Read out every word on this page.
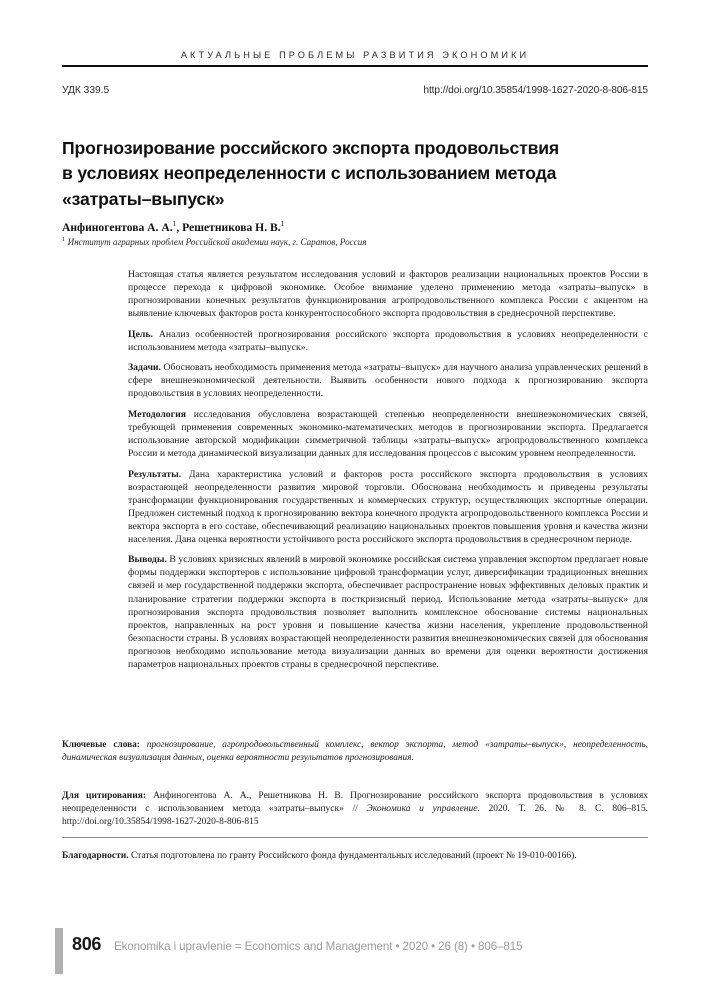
АКТУАЛЬНЫЕ ПРОБЛЕМЫ РАЗВИТИЯ ЭКОНОМИКИ
УДК 339.5	http://doi.org/10.35854/1998-1627-2020-8-806-815
Прогнозирование российского экспорта продовольствия
в условиях неопределенности с использованием метода
«затраты–выпуск»
Анфиногентова А. А.$^1$, Решетникова Н. В.$^1$
$^1$ Институт аграрных проблем Российской академии наук, г. Саратов, Россия

Настоящая статья является результатом исследования условий и факторов реализации национальных проектов России в процессе перехода к цифровой экономике. Особое внимание уделено применению метода «затраты–выпуск» в прогнозировании конечных результатов функционирования агропродовольственного комплекса России с акцентом на выявление ключевых факторов роста конкурентоспособного экспорта продовольствия в среднесрочной перспективе.

Цель. Анализ особенностей прогнозирования российского экспорта продовольствия в условиях неопределенности с использованием метода «затраты–выпуск».

Задачи. Обосновать необходимость применения метода «затраты–выпуск» для научного анализа управленческих решений в сфере внешнеэкономической деятельности. Выявить особенности нового подхода к прогнозированию экспорта продовольствия в условиях неопределенности.

Методология исследования обусловлена возрастающей степенью неопределенности внешнеэкономических связей, требующей применения современных экономико-математических методов в прогнозировании экспорта. Предлагается использование авторской модификации симметричной таблицы «затраты–выпуск» агропродовольственного комплекса России и метода динамической визуализации данных для исследования процессов с высоким уровнем неопределенности.

Результаты. Дана характеристика условий и факторов роста российского экспорта продовольствия в условиях возрастающей неопределенности развития мировой торговли. Обоснована необходимость и приведены результаты трансформации функционирования государственных и коммерческих структур, осуществляющих экспортные операции. Предложен системный подход к прогнозированию вектора конечного продукта агропродовольственного комплекса России и вектора экспорта в его составе, обеспечивающий реализацию национальных проектов повышения уровня и качества жизни населения. Дана оценка вероятности устойчивого роста российского экспорта продовольствия в среднесрочном периоде.

Выводы. В условиях кризисных явлений в мировой экономике российская система управления экспортом предлагает новые формы поддержки экспортеров с использование цифровой трансформации услуг, диверсификации традиционных внешних связей и мер государственной поддержки экспорта, обеспечивает распространение новых эффективных деловых практик и планирование стратегии поддержки экспорта в посткризисный период. Использование метода «затраты–выпуск» для прогнозирования экспорта продовольствия позволяет выполнить комплексное обоснование системы национальных проектов, направленных на рост уровня и повышение качества жизни населения, укрепление продовольственной безопасности страны. В условиях возрастающей неопределенности развития внешнеэкономических связей для обоснования прогнозов необходимо использование метода визуализации данных во времени для оценки вероятности достижения параметров национальных проектов страны в среднесрочной перспективе.

Ключевые слова: прогнозирование, агропродовольственный комплекс, вектор экспорта, метод «затраты–выпуск», неопределенность, динамическая визуализация данных, оценка вероятности результатов прогнозирования.
Для цитирования: Анфиногентова А. А., Решетникова Н. В. Прогнозирование российского экспорта продовольствия в условиях неопределенности с использованием метода «затраты–выпуск» // Экономика и управление. 2020. Т. 26. № 8. С. 806–815. http://doi.org/10.35854/1998-1627-2020-8-806-815
Благодарности. Статья подготовлена по гранту Российского фонда фундаментальных исследований (проект № 19-010-00166).
806 Ekonomika i upravlenie = Economics and Management • 2020 • 26 (8) • 806–815
